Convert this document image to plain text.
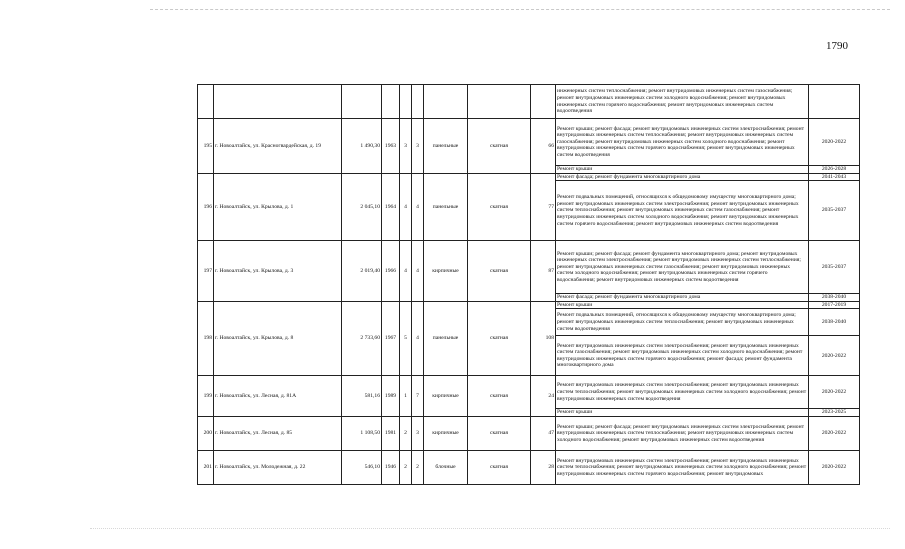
1790
									инженерных систем теплоснабжения; ремонт внутридомовых инженерных систем газоснабжения; ремонт внутридомовых инженерных систем холодного водоснабжения; ремонт внутридомовых инженерных систем горячего водоснабжения; ремонт внутридомовых инженерных систем водоотведения	
195	г. Новоалтайск, ул. Красногвардейская, д. 19	1 490,30	1963	3	3	панельные	скатная	66	Ремонт крыши; ремонт фасада; ремонт внутридомовых инженерных систем электроснабжения; ремонт внутридомовых инженерных систем теплоснабжения; ремонт внутридомовых инженерных систем газоснабжения; ремонт внутридомовых инженерных систем холодного водоснабжения; ремонт внутридомовых инженерных систем горячего водоснабжения; ремонт внутридомовых инженерных систем водоотведения	2020-2022
									Ремонт крыши	2026-2028
196	г. Новоалтайск, ул. Крылова, д. 1	2 045,10	1964	4	4	панельные	скатная	77	Ремонт фасада; ремонт фундамента многоквартирного дома	2041-2043
									Ремонт подвальных помещений, относящихся к общедомовому имуществу многоквартирного дома; ремонт внутридомовых инженерных систем электроснабжения; ремонт внутридомовых инженерных систем теплоснабжения; ремонт внутридомовых инженерных систем газоснабжения; ремонт внутридомовых инженерных систем холодного водоснабжения; ремонт внутридомовых инженерных систем горячего водоснабжения; ремонт внутридомовых инженерных систем водоотведения	2035-2037
197	г. Новоалтайск, ул. Крылова, д. 3	2 019,40	1966	4	4	кирпичные	скатная	87	Ремонт крыши; ремонт фасада; ремонт фундамента многоквартирного дома; ремонт внутридомовых инженерных систем электроснабжения; ремонт внутридомовых инженерных систем теплоснабжения; ремонт внутридомовых инженерных систем газоснабжения; ремонт внутридомовых инженерных систем холодного водоснабжения; ремонт внутридомовых инженерных систем горячего водоснабжения; ремонт внутридомовых инженерных систем водоотведения	2035-2037
									Ремонт фасада; ремонт фундамента многоквартирного дома	2038-2040
198	г. Новоалтайск, ул. Крылова, д. 8	2 733,60	1967	5	4	панельные	скатная	108	Ремонт крыши	2017-2019
									Ремонт подвальных помещений, относящихся к общедомовому имуществу многоквартирного дома; ремонт внутридомовых инженерных систем теплоснабжения; ремонт внутридомовых инженерных систем водоотведения	2038-2040
									Ремонт внутридомовых инженерных систем электроснабжения; ремонт внутридомовых инженерных систем газоснабжения; ремонт внутридомовых инженерных систем холодного водоснабжения; ремонт внутридомовых инженерных систем горячего водоснабжения; ремонт фасада; ремонт фундамента многоквартирного дома	2020-2022
199	г. Новоалтайск, ул. Лесная, д. 81А	581,16	1989	1	7	кирпичные	скатная	24	Ремонт внутридомовых инженерных систем электроснабжения; ремонт внутридомовых инженерных систем теплоснабжения; ремонт внутридомовых инженерных систем холодного водоснабжения; ремонт внутридомовых инженерных систем водоотведения	2020-2022
									Ремонт крыши	2023-2025
200	г. Новоалтайск, ул. Лесная, д. 85	1 108,50	1981	2	3	кирпичные	скатная	47	Ремонт крыши; ремонт фасада; ремонт внутридомовых инженерных систем электроснабжения; ремонт внутридомовых инженерных систем теплоснабжения; ремонт внутридомовых инженерных систем холодного водоснабжения; ремонт внутридомовых инженерных систем водоотведения	2020-2022
201	г. Новоалтайск, ул. Молодежная, д. 22	546,10	1946	2	2	блочные	скатная	28	Ремонт внутридомовых инженерных систем электроснабжения; ремонт внутридомовых инженерных систем теплоснабжения; ремонт внутридомовых инженерных систем холодного водоснабжения; ремонт внутридомовых инженерных систем горячего водоснабжения; ремонт внутридомовых	2020-2022
